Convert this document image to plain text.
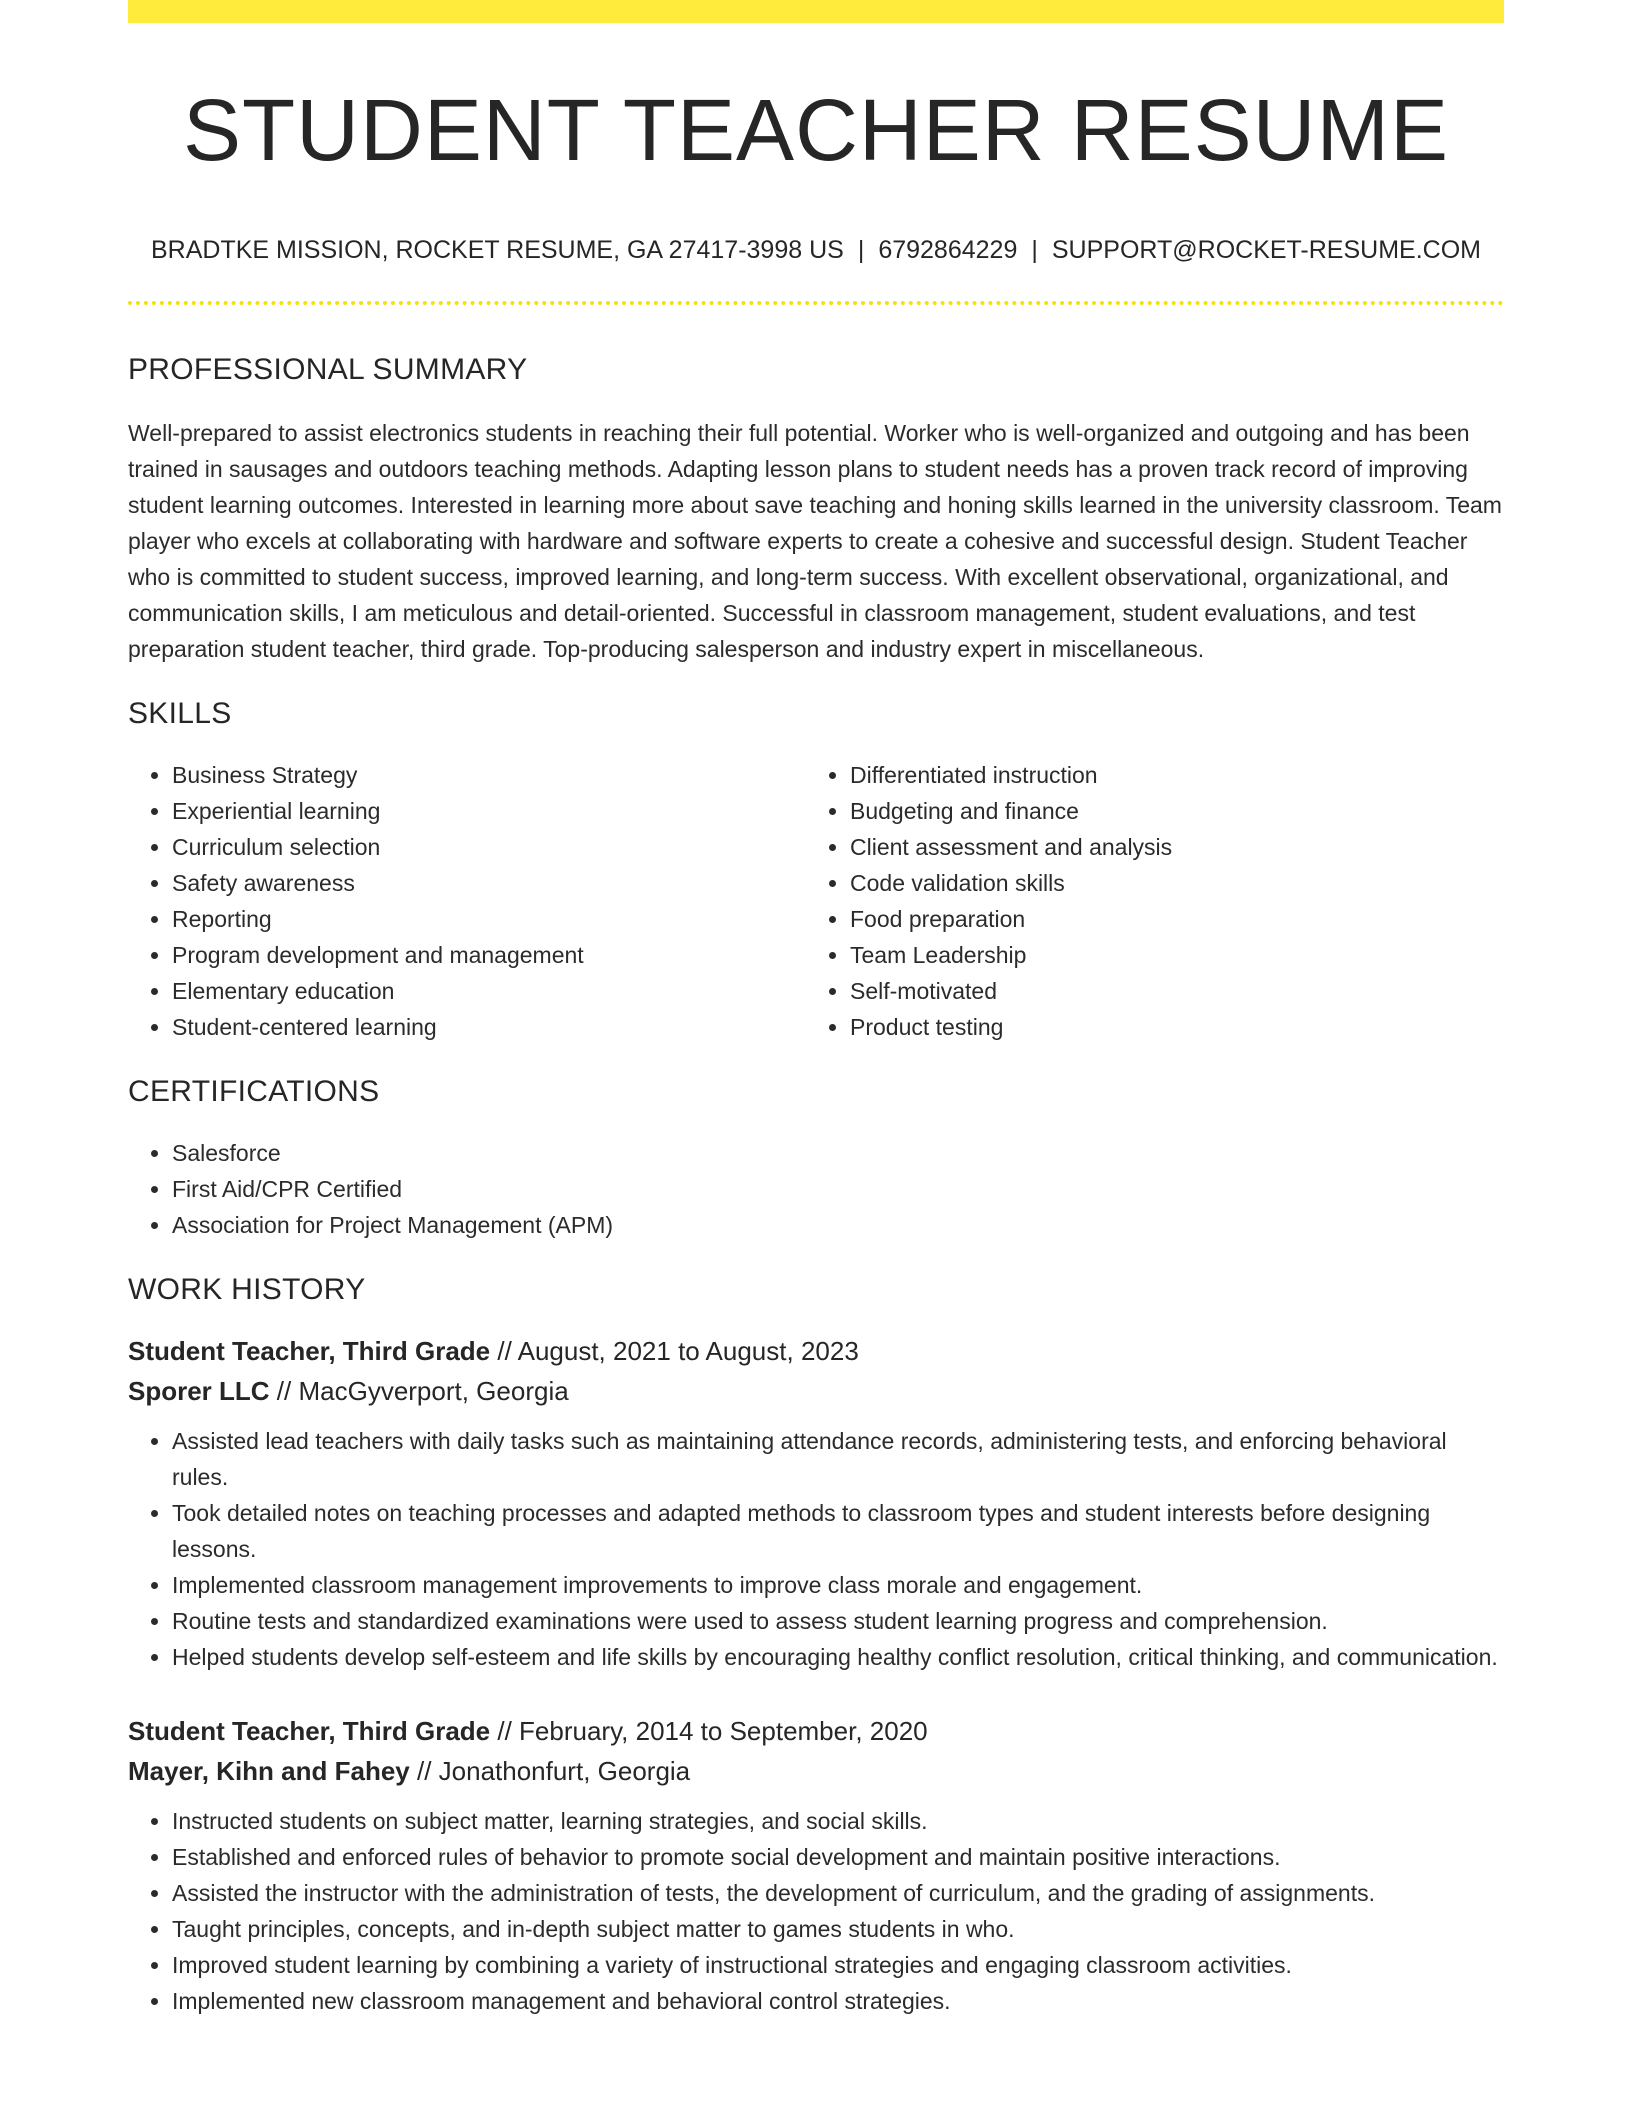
STUDENT TEACHER RESUME
BRADTKE MISSION, ROCKET RESUME, GA 27417-3998 US | 6792864229 | SUPPORT@ROCKET-RESUME.COM
PROFESSIONAL SUMMARY

Well-prepared to assist electronics students in reaching their full potential. Worker who is well-organized and outgoing and has been trained in sausages and outdoors teaching methods. Adapting lesson plans to student needs has a proven track record of improving student learning outcomes. Interested in learning more about save teaching and honing skills learned in the university classroom. Team player who excels at collaborating with hardware and software experts to create a cohesive and successful design. Student Teacher who is committed to student success, improved learning, and long-term success. With excellent observational, organizational, and communication skills, I am meticulous and detail-oriented. Successful in classroom management, student evaluations, and test preparation student teacher, third grade. Top-producing salesperson and industry expert in miscellaneous.

SKILLS
• Business Strategy
• Experiential learning
• Curriculum selection
• Safety awareness
• Reporting
• Program development and management
• Elementary education
• Student-centered learning
• Differentiated instruction
• Budgeting and finance
• Client assessment and analysis
• Code validation skills
• Food preparation
• Team Leadership
• Self-motivated
• Product testing
CERTIFICATIONS
• Salesforce
• First Aid/CPR Certified
• Association for Project Management (APM)
WORK HISTORY
Student Teacher, Third Grade // August, 2021 to August, 2023
Sporer LLC // MacGyverport, Georgia
• Assisted lead teachers with daily tasks such as maintaining attendance records, administering tests, and enforcing behavioral rules.
• Took detailed notes on teaching processes and adapted methods to classroom types and student interests before designing lessons.
• Implemented classroom management improvements to improve class morale and engagement.
• Routine tests and standardized examinations were used to assess student learning progress and comprehension.
• Helped students develop self-esteem and life skills by encouraging healthy conflict resolution, critical thinking, and communication.
Student Teacher, Third Grade // February, 2014 to September, 2020
Mayer, Kihn and Fahey // Jonathonfurt, Georgia
• Instructed students on subject matter, learning strategies, and social skills.
• Established and enforced rules of behavior to promote social development and maintain positive interactions.
• Assisted the instructor with the administration of tests, the development of curriculum, and the grading of assignments.
• Taught principles, concepts, and in-depth subject matter to games students in who.
• Improved student learning by combining a variety of instructional strategies and engaging classroom activities.
• Implemented new classroom management and behavioral control strategies.
